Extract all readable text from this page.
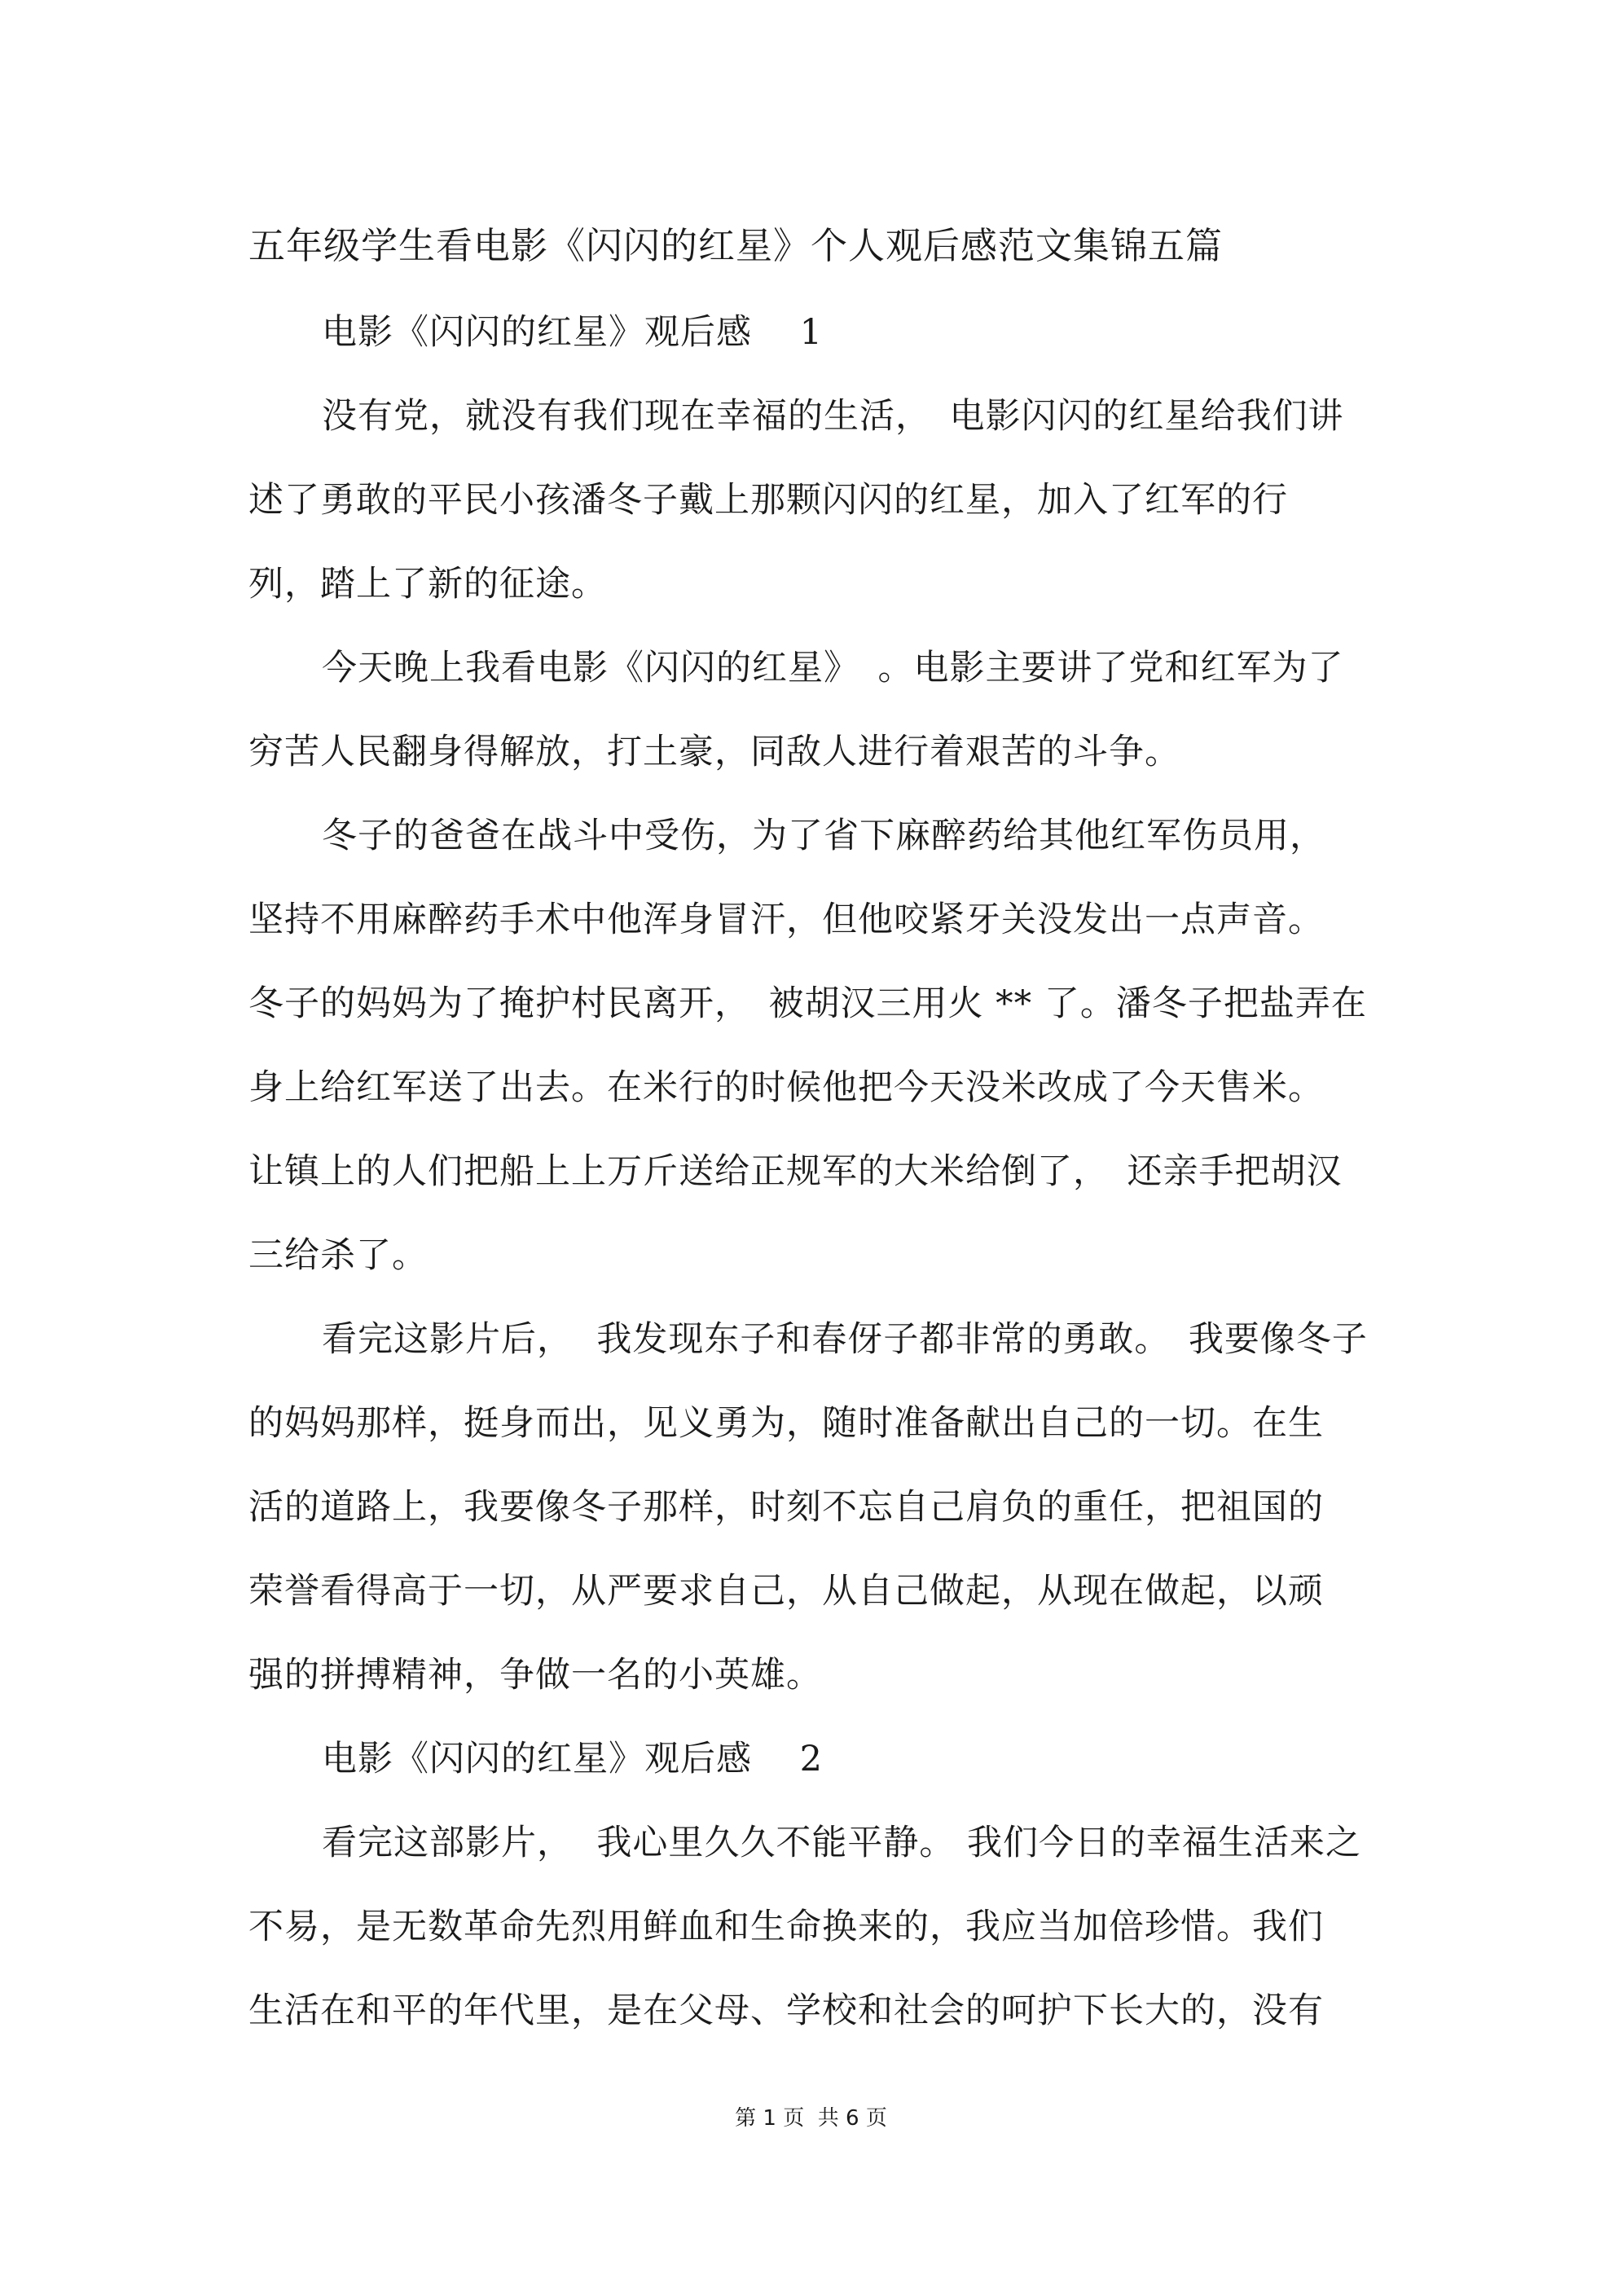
五年级学生看电影《闪闪的红星》个人观后感范文集锦五篇
电影《闪闪的红星》观后感　 1
没有党，就没有我们现在幸福的生活，　电影闪闪的红星给我们讲
述了勇敢的平民小孩潘冬子戴上那颗闪闪的红星，加入了红军的行
列，踏上了新的征途。
今天晚上我看电影《闪闪的红星》　。电影主要讲了党和红军为了
穷苦人民翻身得解放，打土豪，同敌人进行着艰苦的斗争。
冬子的爸爸在战斗中受伤，为了省下麻醉药给其他红军伤员用，
坚持不用麻醉药手术中他浑身冒汗，但他咬紧牙关没发出一点声音。
冬子的妈妈为了掩护村民离开，　被胡汉三用火 ** 了。潘冬子把盐弄在
身上给红军送了出去。在米行的时候他把今天没米改成了今天售米。
让镇上的人们把船上上万斤送给正规军的大米给倒了，　还亲手把胡汉
三给杀了。
看完这影片后，  我发现东子和春伢子都非常的勇敢。　我要像冬子
的妈妈那样，挺身而出，见义勇为，随时准备献出自己的一切。在生
活的道路上，我要像冬子那样，时刻不忘自己肩负的重任，把祖国的
荣誉看得高于一切，从严要求自己，从自己做起，从现在做起，以顽
强的拼搏精神，争做一名的小英雄。
电影《闪闪的红星》观后感　 2
看完这部影片，  我心里久久不能平静。 我们今日的幸福生活来之
不易，是无数革命先烈用鲜血和生命换来的，我应当加倍珍惜。我们
生活在和平的年代里，是在父母、学校和社会的呵护下长大的，没有
第 1 页  共 6 页
